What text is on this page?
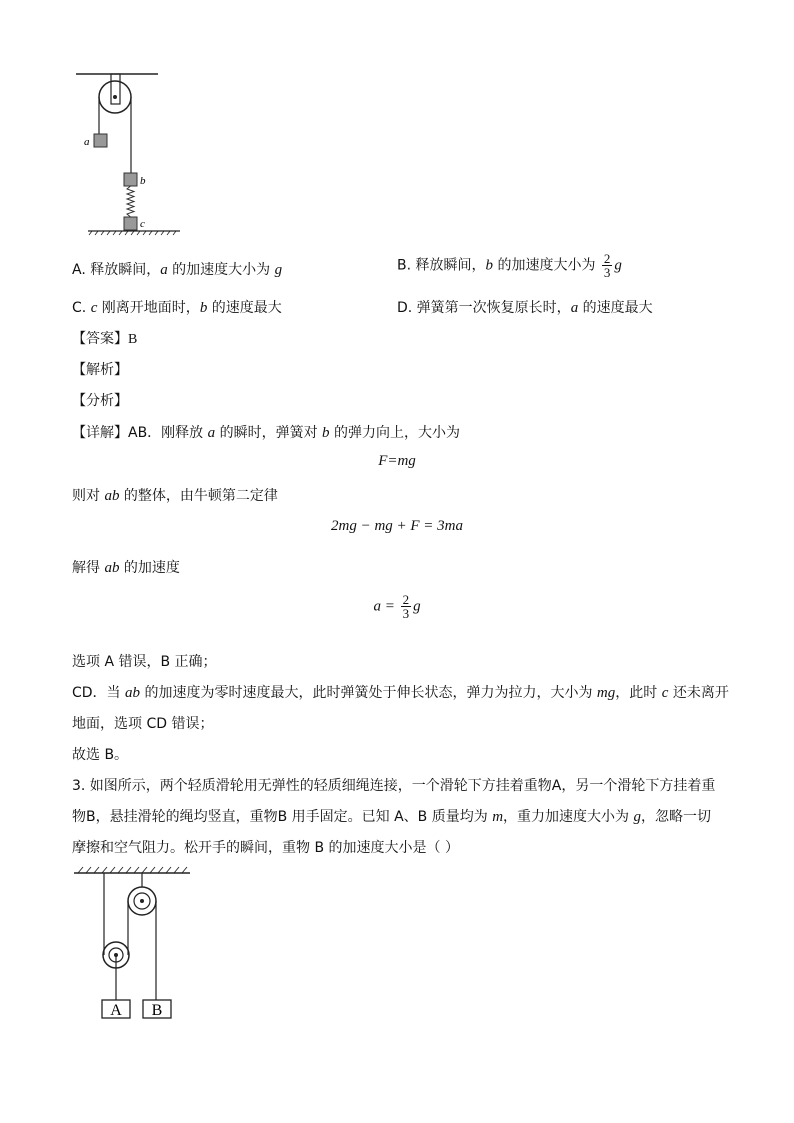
a
b
c
A. 释放瞬间，a 的加速度大小为 g	B. 释放瞬间，b 的加速度大小为 $\frac{2}{3}$ g
C. c 刚离开地面时，b 的速度最大	D. 弹簧第一次恢复原长时，a 的速度最大
【答案】B
【解析】
【分析】
【详解】AB．刚释放 a 的瞬时，弹簧对 b 的弹力向上，大小为
F=mg
则对 ab 的整体，由牛顿第二定律
2mg − mg + F = 3ma
解得 ab 的加速度
$a = \frac{2}{3}$ g
选项 A 错误，B 正确；
CD．当 ab 的加速度为零时速度最大，此时弹簧处于伸长状态，弹力为拉力，大小为 mg，此时 c 还未离开
地面，选项 CD 错误；
故选 B。
3. 如图所示，两个轻质滑轮用无弹性的轻质细绳连接，一个滑轮下方挂着重物A，另一个滑轮下方挂着重
物B，悬挂滑轮的绳均竖直，重物B 用手固定。已知 A、B 质量均为 m，重力加速度大小为 g，忽略一切
摩擦和空气阻力。松开手的瞬间，重物 B 的加速度大小是（ ）
A B
